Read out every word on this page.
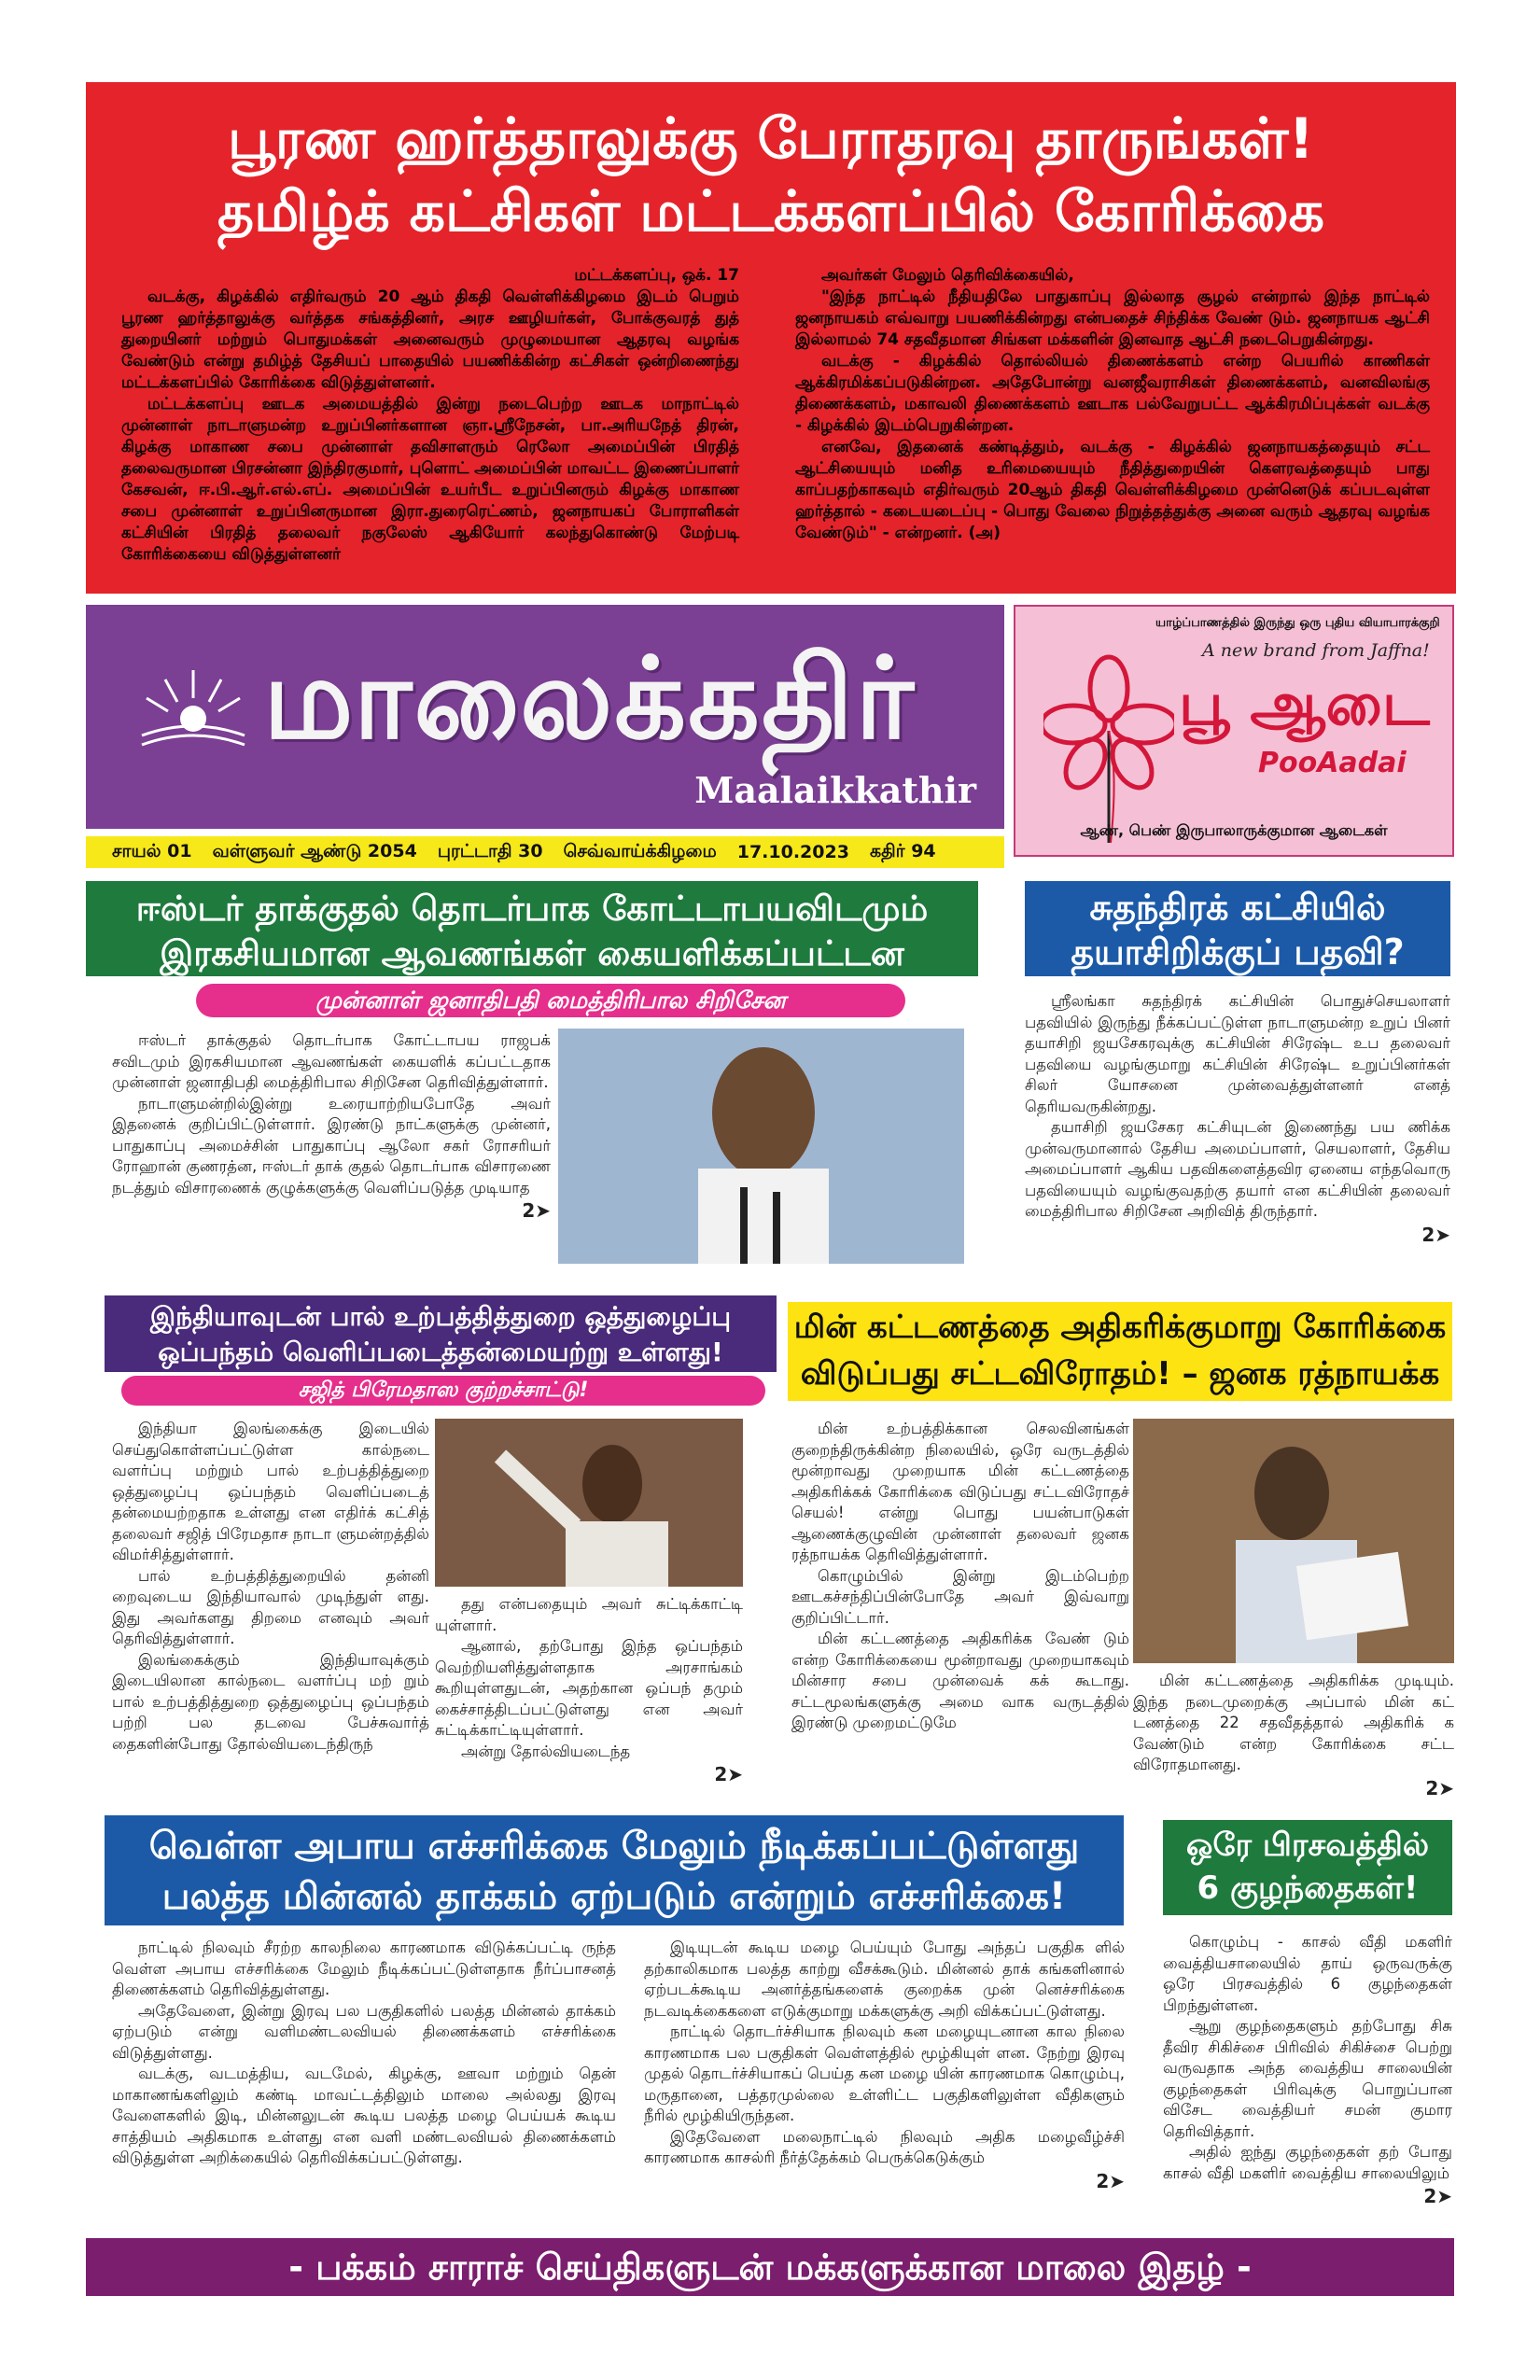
பூரண ஹர்த்தாலுக்கு பேராதரவு தாருங்கள்!
தமிழ்க் கட்சிகள் மட்டக்களப்பில் கோரிக்கை
மட்டக்களப்பு, ஒக். 17

வடக்கு, கிழக்கில் எதிர்வரும் 20 ஆம் திகதி வெள்ளிக்கிழமை இடம் பெறும் பூரண ஹர்த்தாலுக்கு வர்த்தக சங்கத்தினர், அரச ஊழியர்கள், போக்குவரத் துத் துறையினர் மற்றும் பொதுமக்கள் அனைவரும் முழுமையான ஆதரவு வழங்க வேண்டும் என்று தமிழ்த் தேசியப் பாதையில் பயணிக்கின்ற கட்சிகள் ஒன்றிணைந்து மட்டக்களப்பில் கோரிக்கை விடுத்துள்ளனர்.

மட்டக்களப்பு ஊடக அமையத்தில் இன்று நடைபெற்ற ஊடக மாநாட்டில் முன்னாள் நாடாளுமன்ற உறுப்பினர்களான ஞா.ஸ்ரீநேசன், பா.அரியநேத் திரன், கிழக்கு மாகாண சபை முன்னாள் தவிசாளரும் ரெலோ அமைப்பின் பிரதித் தலைவருமான பிரசன்னா இந்திரகுமார், புளொட் அமைப்பின் மாவட்ட இணைப்பாளர் கேசவன், ஈ.பி.ஆர்.எல்.எப். அமைப்பின் உயர்பீட உறுப்பினரும் கிழக்கு மாகாண சபை முன்னாள் உறுப்பினருமான இரா.துரைரெட்ணம், ஜனநாயகப் போராளிகள் கட்சியின் பிரதித் தலைவர் நகுலேஸ் ஆகியோர் கலந்துகொண்டு மேற்படி கோரிக்கையை விடுத்துள்ளனர்

அவர்கள் மேலும் தெரிவிக்கையில்,

"இந்த நாட்டில் நீதியதிலே பாதுகாப்பு இல்லாத சூழல் என்றால் இந்த நாட்டில் ஜனநாயகம் எவ்வாறு பயணிக்கின்றது என்பதைச் சிந்திக்க வேண் டும். ஜனநாயக ஆட்சி இல்லாமல் 74 சதவீதமான சிங்கள மக்களின் இனவாத ஆட்சி நடைபெறுகின்றது.

வடக்கு - கிழக்கில் தொல்லியல் திணைக்களம் என்ற பெயரில் காணிகள் ஆக்கிரமிக்கப்படுகின்றன. அதேபோன்று வனஜீவராசிகள் திணைக்களம், வனவிலங்கு திணைக்களம், மகாவலி திணைக்களம் ஊடாக பல்வேறுபட்ட ஆக்கிரமிப்புக்கள் வடக்கு - கிழக்கில் இடம்பெறுகின்றன.

எனவே, இதனைக் கண்டித்தும், வடக்கு - கிழக்கில் ஜனநாயகத்தையும் சட்ட ஆட்சியையும் மனித உரிமையையும் நீதித்துறையின் கௌரவத்தையும் பாது காப்பதற்காகவும் எதிர்வரும் 20ஆம் திகதி வெள்ளிக்கிழமை முன்னெடுக் கப்படவுள்ள ஹர்த்தால் - கடையடைப்பு - பொது வேலை நிறுத்தத்துக்கு அனை வரும் ஆதரவு வழங்க வேண்டும்" - என்றனர். (அ)

மாலைக்கதிர்
Maalaikkathir
சாயல் 01 வள்ளுவர் ஆண்டு 2054 புரட்டாதி 30 செவ்வாய்க்கிழமை 17.10.2023 கதிர் 94
யாழ்ப்பாணத்தில் இருந்து ஒரு புதிய வியாபாரக்குறி
A new brand from Jaffna!
பூ ஆடை
PooAadai
ஆண், பெண் இருபாலாருக்குமான ஆடைகள்
ஈஸ்டர் தாக்குதல் தொடர்பாக கோட்டாபயவிடமும்
இரகசியமான ஆவணங்கள் கையளிக்கப்பட்டன
முன்னாள் ஜனாதிபதி மைத்திரிபால சிறிசேன

ஈஸ்டர் தாக்குதல் தொடர்பாக கோட்டாபய ராஜபக் சவிடமும் இரகசியமான ஆவணங்கள் கையளிக் கப்பட்டதாக முன்னாள் ஜனாதிபதி மைத்திரிபால சிறிசேன தெரிவித்துள்ளார்.

நாடாளுமன்றில்இன்று உரையாற்றியபோதே அவர் இதனைக் குறிப்பிட்டுள்ளார். இரண்டு நாட்களுக்கு முன்னர், பாதுகாப்பு அமைச்சின் பாதுகாப்பு ஆலோ சகர் ரோசரியர் ரோஹான் குணரத்ன, ஈஸ்டர் தாக் குதல் தொடர்பாக விசாரணை நடத்தும் விசாரணைக் குழுக்களுக்கு வெளிப்படுத்த முடியாத

2➤
சுதந்திரக் கட்சியில்
தயாசிறிக்குப் பதவி?

ஸ்ரீலங்கா சுதந்திரக் கட்சியின் பொதுச்செயலாளர் பதவியில் இருந்து நீக்கப்பட்டுள்ள நாடாளுமன்ற உறுப் பினர் தயாசிறி ஜயசேகரவுக்கு கட்சியின் சிரேஷ்ட உப தலைவர் பதவியை வழங்குமாறு கட்சியின் சிரேஷ்ட உறுப்பினர்கள் சிலர் யோசனை முன்வைத்துள்ளனர் எனத் தெரியவருகின்றது.

தயாசிறி ஜயசேகர கட்சியுடன் இணைந்து பய ணிக்க முன்வருமானால் தேசிய அமைப்பாளர், செயலாளர், தேசிய அமைப்பாளர் ஆகிய பதவிகளைத்தவிர ஏனைய எந்தவொரு பதவியையும் வழங்குவதற்கு தயார் என கட்சியின் தலைவர் மைத்திரிபால சிறிசேன அறிவித் திருந்தார்.

2➤
இந்தியாவுடன் பால் உற்பத்தித்துறை ஒத்துழைப்பு
ஒப்பந்தம் வெளிப்படைத்தன்மையற்று உள்ளது!
சஜித் பிரேமதாஸ குற்றச்சாட்டு!

இந்தியா இலங்கைக்கு இடையில் செய்துகொள்ளப்பட்டுள்ள கால்நடை வளர்ப்பு மற்றும் பால் உற்பத்தித்துறை ஒத்துழைப்பு ஒப்பந்தம் வெளிப்படைத் தன்மையற்றதாக உள்ளது என எதிர்க் கட்சித் தலைவர் சஜித் பிரேமதாச நாடா ளுமன்றத்தில் விமர்சித்துள்ளார்.

பால் உற்பத்தித்துறையில் தன்னி றைவுடைய இந்தியாவால் முடிந்துள் ளது. இது அவர்களது திறமை எனவும் அவர் தெரிவித்துள்ளார்.

இலங்கைக்கும் இந்தியாவுக்கும் இடையிலான கால்நடை வளர்ப்பு மற் றும் பால் உற்பத்தித்துறை ஒத்துழைப்பு ஒப்பந்தம் பற்றி பல தடவை பேச்சுவார்த் தைகளின்போது தோல்வியடைந்திருந்

தது என்பதையும் அவர் சுட்டிக்காட்டி யுள்ளார்.

ஆனால், தற்போது இந்த ஒப்பந்தம் வெற்றியளித்துள்ளதாக அரசாங்கம் கூறியுள்ளதுடன், அதற்கான ஒப்பந் தமும் கைச்சாத்திடப்பட்டுள்ளது என அவர் சுட்டிக்காட்டியுள்ளார்.

அன்று தோல்வியடைந்த

2➤
மின் கட்டணத்தை அதிகரிக்குமாறு கோரிக்கை
விடுப்பது சட்டவிரோதம்! – ஜனக ரத்நாயக்க

மின் உற்பத்திக்கான செலவினங்கள் குறைந்திருக்கின்ற நிலையில், ஒரே வருடத்தில் மூன்றாவது முறையாக மின் கட்டணத்தை அதிகரிக்கக் கோரிக்கை விடுப்பது சட்டவிரோதச் செயல்! என்று பொது பயன்பாடுகள் ஆணைக்குழுவின் முன்னாள் தலைவர் ஜனக ரத்நாயக்க தெரிவித்துள்ளார்.

கொழும்பில் இன்று இடம்பெற்ற ஊடகச்சந்திப்பின்போதே அவர் இவ்வாறு குறிப்பிட்டார்.

மின் கட்டணத்தை அதிகரிக்க வேண் டும் என்ற கோரிக்கையை மூன்றாவது முறையாகவும் மின்சார சபை முன்வைக் கக் கூடாது. சட்டமூலங்களுக்கு அமை வாக வருடத்தில் இரண்டு முறைமட்டுமே

மின் கட்டணத்தை அதிகரிக்க முடியும். இந்த நடைமுறைக்கு அப்பால் மின் கட் டணத்தை 22 சதவீதத்தால் அதிகரிக் க வேண்டும் என்ற கோரிக்கை சட்ட விரோதமானது.

2➤
வெள்ள அபாய எச்சரிக்கை மேலும் நீடிக்கப்பட்டுள்ளது
பலத்த மின்னல் தாக்கம் ஏற்படும் என்றும் எச்சரிக்கை!

நாட்டில் நிலவும் சீரற்ற காலநிலை காரணமாக விடுக்கப்பட்டி ருந்த வெள்ள அபாய எச்சரிக்கை மேலும் நீடிக்கப்பட்டுள்ளதாக நீர்ப்பாசனத் திணைக்களம் தெரிவித்துள்ளது.

அதேவேளை, இன்று இரவு பல பகுதிகளில் பலத்த மின்னல் தாக்கம் ஏற்படும் என்று வளிமண்டலவியல் திணைக்களம் எச்சரிக்கை விடுத்துள்ளது.

வடக்கு, வடமத்திய, வடமேல், கிழக்கு, ஊவா மற்றும் தென் மாகாணங்களிலும் கண்டி மாவட்டத்திலும் மாலை அல்லது இரவு வேளைகளில் இடி, மின்னலுடன் கூடிய பலத்த மழை பெய்யக் கூடிய சாத்தியம் அதிகமாக உள்ளது என வளி மண்டலவியல் திணைக்களம் விடுத்துள்ள அறிக்கையில் தெரிவிக்கப்பட்டுள்ளது.

இடியுடன் கூடிய மழை பெய்யும் போது அந்தப் பகுதிக ளில் தற்காலிகமாக பலத்த காற்று வீசக்கூடும். மின்னல் தாக் கங்களினால் ஏற்படக்கூடிய அனர்த்தங்களைக் குறைக்க முன் னெச்சரிக்கை நடவடிக்கைகளை எடுக்குமாறு மக்களுக்கு அறி விக்கப்பட்டுள்ளது.

நாட்டில் தொடர்ச்சியாக நிலவும் கன மழையுடனான கால நிலை காரணமாக பல பகுதிகள் வெள்ளத்தில் மூழ்கியுள் ளன. நேற்று இரவு முதல் தொடர்ச்சியாகப் பெய்த கன மழை யின் காரணமாக கொழும்பு, மருதானை, பத்தரமுல்லை உள்ளிட்ட பகுதிகளிலுள்ள வீதிகளும் நீரில் மூழ்கியிருந்தன.

இதேவேளை மலைநாட்டில் நிலவும் அதிக மழைவீழ்ச்சி காரணமாக காசல்ரி நீர்த்தேக்கம் பெருக்கெடுக்கும்

2➤
ஒரே பிரசவத்தில்
6 குழந்தைகள்!

கொழும்பு - காசல் வீதி மகளிர் வைத்தியசாலையில் தாய் ஒருவருக்கு ஒரே பிரசவத்தில் 6 குழந்தைகள் பிறந்துள்ளன.

ஆறு குழந்தைகளும் தற்போது சிசு தீவிர சிகிச்சை பிரிவில் சிகிச்சை பெற்று வருவதாக அந்த வைத்திய சாலையின் குழந்தைகள் பிரிவுக்கு பொறுப்பான விசேட வைத்தியர் சமன் குமார தெரிவித்தார்.

அதில் ஐந்து குழந்தைகள் தற் போது காசல் வீதி மகளிர் வைத்திய சாலையிலும்

2➤
- பக்கம் சாராச் செய்திகளுடன் மக்களுக்கான மாலை இதழ் -
